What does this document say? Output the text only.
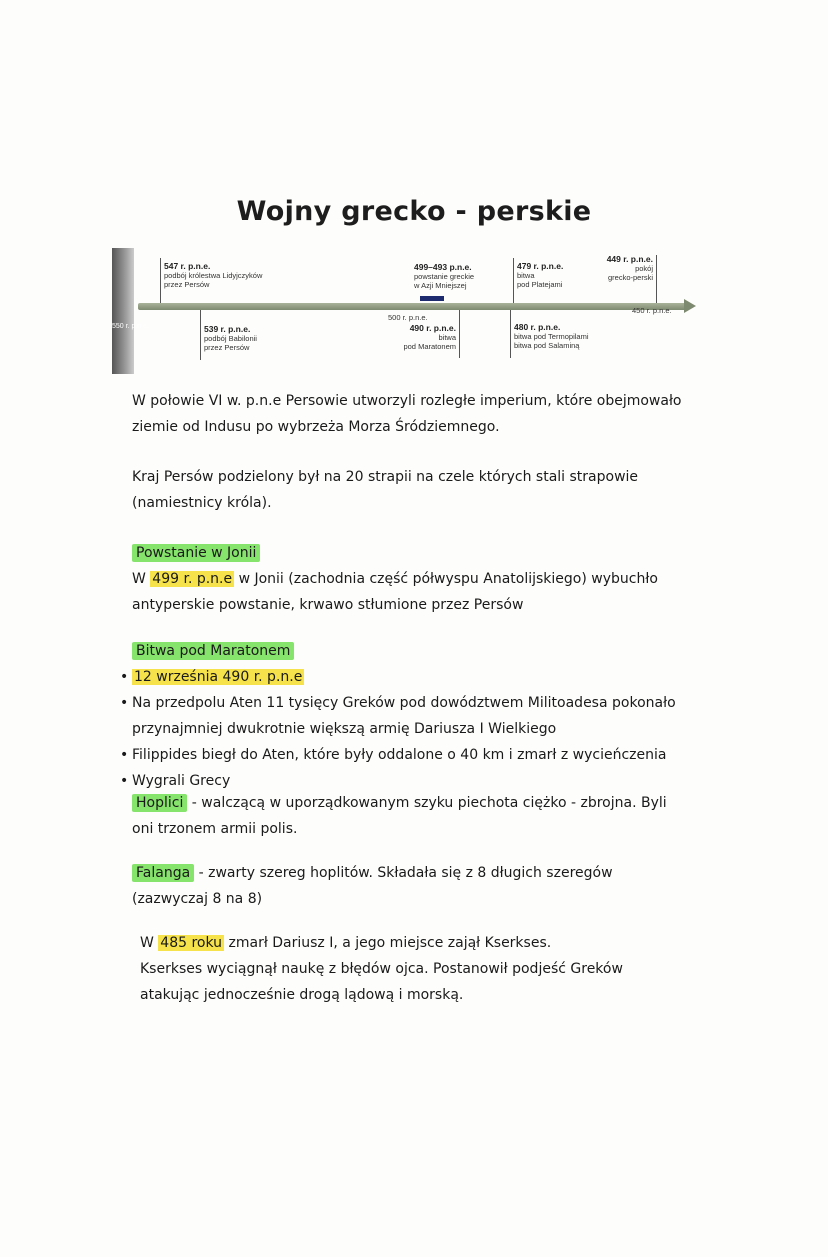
Wojny grecko - perskie
550 r. p.n.e.
547 r. p.n.e.
podbój królestwa Lidyjczyków
przez Persów
539 r. p.n.e.
podbój Babilonii
przez Persów
499–493 p.n.e.
powstanie greckie
w Azji Mniejszej
500 r. p.n.e.
490 r. p.n.e.
bitwa
pod Maratonem
479 r. p.n.e.
bitwa
pod Platejami
480 r. p.n.e.
bitwa pod Termopilami
bitwa pod Salaminą
449 r. p.n.e.
pokój
grecko-perski
450 r. p.n.e.
W połowie VI w. p.n.e Persowie utworzyli rozległe imperium, które obejmowało
ziemie od Indusu po wybrzeża Morza Śródziemnego.
Kraj Persów podzielony był na 20 strapii na czele których stali strapowie
(namiestnicy króla).
Powstanie w Jonii
W 499 r. p.n.e w Jonii (zachodnia część półwyspu Anatolijskiego) wybuchło
antyperskie powstanie, krwawo stłumione przez Persów
Bitwa pod Maratonem
• 12 września 490 r. p.n.e
• Na przedpolu Aten 11 tysięcy Greków pod dowództwem Militoadesa pokonało
przynajmniej dwukrotnie większą armię Dariusza I Wielkiego
• Filippides biegł do Aten, które były oddalone o 40 km i zmarł z wycieńczenia
• Wygrali Grecy
Hoplici - walczącą w uporządkowanym szyku piechota ciężko - zbrojna. Byli
oni trzonem armii polis.
Falanga - zwarty szereg hoplitów. Składała się z 8 długich szeregów
(zazwyczaj 8 na 8)
W 485 roku zmarł Dariusz I, a jego miejsce zajął Kserkses.
Kserkses wyciągnął naukę z błędów ojca. Postanowił podjeść Greków
atakując jednocześnie drogą lądową i morską.
